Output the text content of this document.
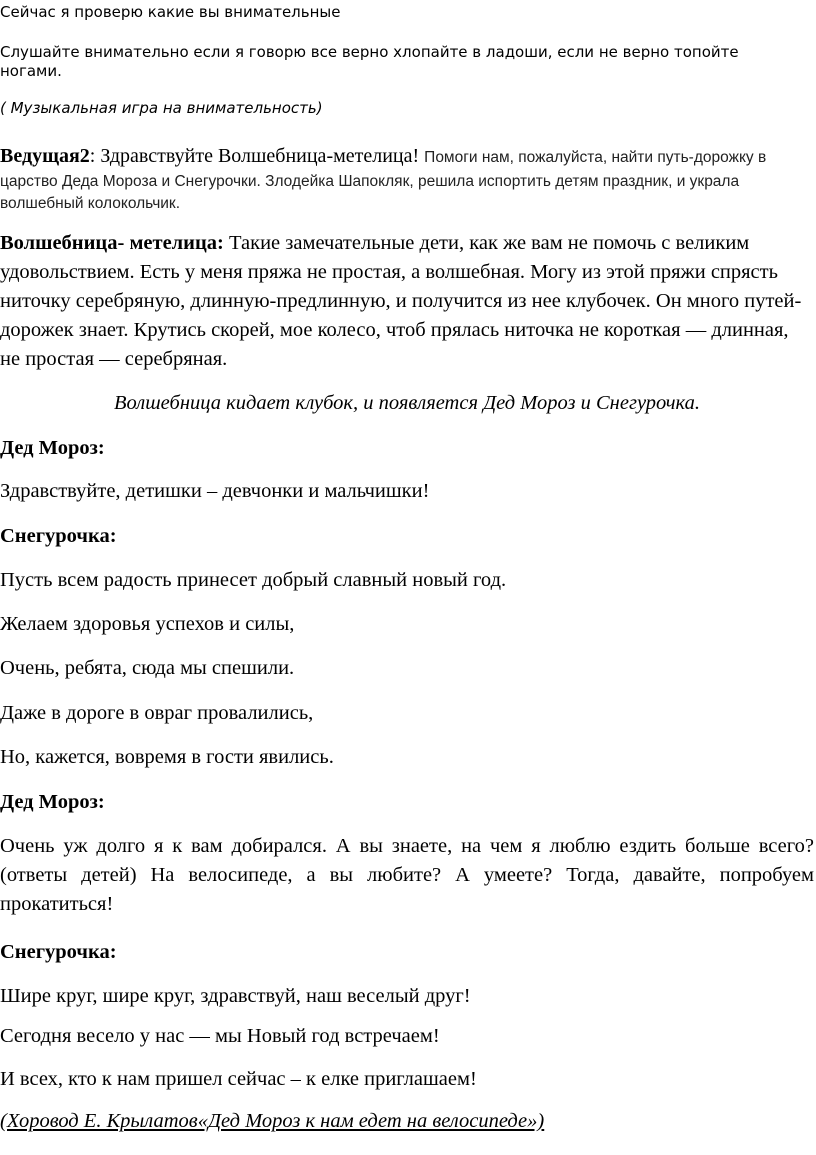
Сейчас я проверю какие вы внимательные

Слушайте внимательно если я говорю все верно хлопайте в ладоши, если не верно топойте ногами.

( Музыкальная игра на внимательность)

Ведущая2: Здравствуйте Волшебница-метелица! Помоги нам, пожалуйста, найти путь-дорожку в царство Деда Мороза и Снегурочки. Злодейка Шапокляк, решила испортить детям праздник, и украла волшебный колокольчик.

Волшебница- метелица: Такие замечательные дети, как же вам не помочь с великим удовольствием. Есть у меня пряжа не простая, а волшебная. Могу из этой пряжи спрясть ниточку серебряную, длинную-предлинную, и получится из нее клубочек. Он много путей-дорожек знает. Крутись скорей, мое колесо, чтоб прялась ниточка не короткая — длинная, не простая — серебряная.

Волшебница кидает клубок, и появляется Дед Мороз и Снегурочка.

Дед Мороз:

Здравствуйте, детишки – девчонки и мальчишки!

Снегурочка:

Пусть всем радость принесет добрый славный новый год.

Желаем здоровья успехов и силы,

Очень, ребята, сюда мы спешили.

Даже в дороге в овраг провалились,

Но, кажется, вовремя в гости явились.

Дед Мороз:

Очень уж долго я к вам добирался. А вы знаете, на чем я люблю ездить больше всего? (ответы детей) На велосипеде, а вы любите? А умеете? Тогда, давайте, попробуем прокатиться!

Снегурочка:

Шире круг, шире круг, здравствуй, наш веселый друг!

Сегодня весело у нас — мы Новый год встречаем!

И всех, кто к нам пришел сейчас – к елке приглашаем!

(Хоровод Е. Крылатов«Дед Мороз к нам едет на велосипеде»)
